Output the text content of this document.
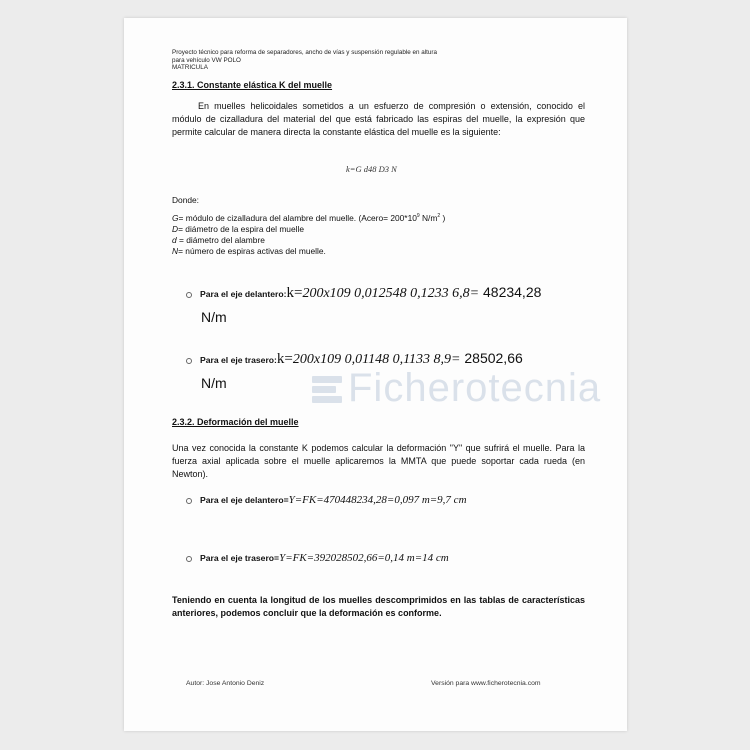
Proyecto técnico para reforma de separadores, ancho de vías y suspensión regulable en altura
para vehículo VW POLO
MATRICULA
2.3.1. Constante elástica K del muelle
En muelles helicoidales sometidos a un esfuerzo de compresión o extensión, conocido el módulo de cizalladura del material del que está fabricado las espiras del muelle, la expresión que permite calcular de manera directa la constante elástica del muelle es la siguiente:
k=G d48 D3 N
Donde:
G= módulo de cizalladura del alambre del muelle. (Acero= $200*10^9$ $N/m^2$ )
D= diámetro de la espira del muelle
d = diámetro del alambre
N= número de espiras activas del muelle.
Para el eje delantero:k=200x109 0,012548 0,1233 6,8= 48234,28
N/m
Ficherotecnia
Para el eje trasero:k=200x109 0,01148 0,1133 8,9= 28502,66
N/m
2.3.2. Deformación del muelle
Una vez conocida la constante K podemos calcular la deformación "Y" que sufrirá el muelle. Para la fuerza axial aplicada sobre el muelle aplicaremos la MMTA que puede soportar cada rueda (en Newton).
Para el eje delantero=Y=FK=470448234,28=0,097 m=9,7 cm
Para el eje trasero=Y=FK=392028502,66=0,14 m=14 cm
Teniendo en cuenta la longitud de los muelles descomprimidos en las tablas de características anteriores, podemos concluir que la deformación es conforme.
Autor: Jose Antonio Deniz	Versión para www.ficherotecnia.com
